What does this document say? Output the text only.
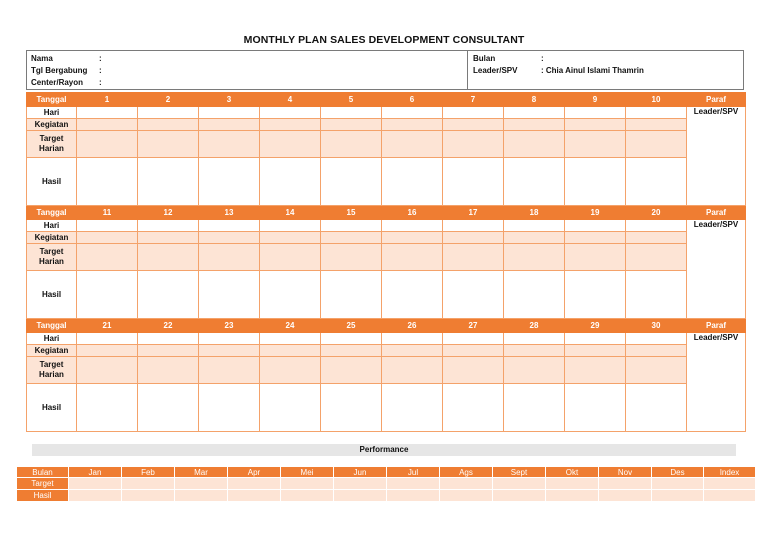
MONTHLY PLAN SALES DEVELOPMENT CONSULTANT
Nama	:
Tgl Bergabung :
Center/Rayon :
Bulan	:
Leader/SPV	: Chia Ainul Islami Thamrin
Tanggal	1	2	3	4	5	6	7	8	9	10	Paraf
Hari											Leader/SPV
Kegiatan											
Target Harian											
Hasil											
Tanggal	11	12	13	14	15	16	17	18	19	20	Paraf
Hari											Leader/SPV
Kegiatan											
Target Harian											
Hasil											
Tanggal	21	22	23	24	25	26	27	28	29	30	Paraf
Hari											Leader/SPV
Kegiatan											
Target Harian											
Hasil											
Performance
Bulan	Jan	Feb	Mar	Apr	Mei	Jun	Jul	Ags	Sept	Okt	Nov	Des	Index
Target													
Hasil													
